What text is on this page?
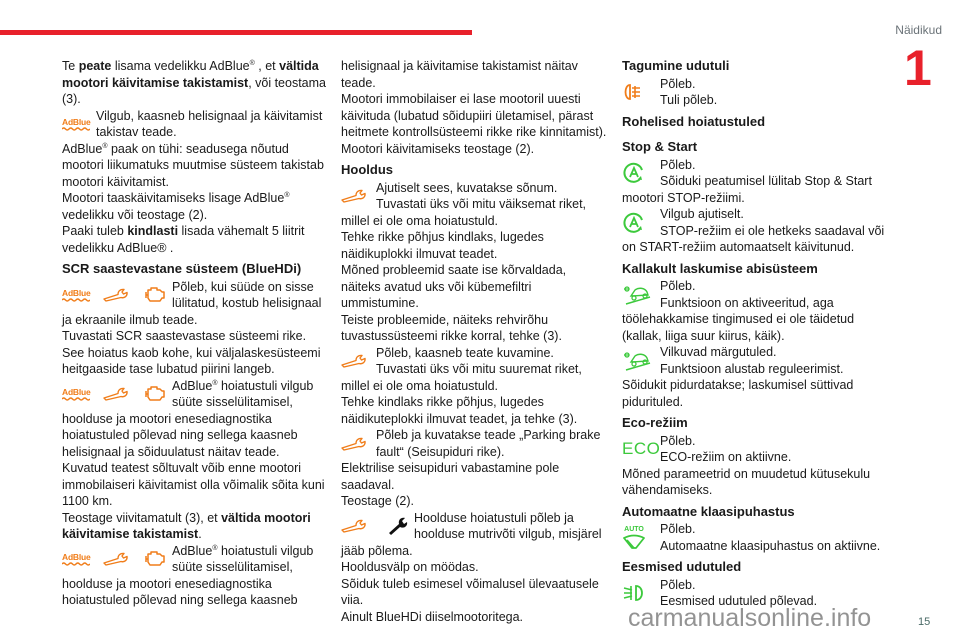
Näidikud
1
Te peate lisama vedelikku AdBlue® , et vältida mootori käivitamise takistamist, või teostama (3).
AdBlue Vilgub, kaasneb helisignaal ja käivitamist takistav teade.
AdBlue® paak on tühi: seadusega nõutud mootori liikumatuks muutmise süsteem takistab mootori käivitamist.
Mootori taaskäivitamiseks lisage AdBlue® vedelikku või teostage (2).
Paaki tuleb kindlasti lisada vähemalt 5 liitrit vedelikku AdBlue® .
SCR saastevastane süsteem (BlueHDi)
AdBlue	Põleb, kui süüde on sisse lülitatud, kostub helisignaal ja ekraanile ilmub teade.
Tuvastati SCR saastevastase süsteemi rike.
See hoiatus kaob kohe, kui väljalaskesüsteemi heitgaaside tase lubatud piirini langeb.
AdBlue	AdBlue® hoiatustuli vilgub süüte sisselülitamisel, hoolduse ja mootori enesediagnostika hoiatustuled põlevad ning sellega kaasneb helisignaal ja sõiduulatust näitav teade.
Kuvatud teatest sõltuvalt võib enne mootori immobilaiseri käivitamist olla võimalik sõita kuni 1100 km.
Teostage viivitamatult (3), et vältida mootori käivitamise takistamist.
AdBlue	AdBlue® hoiatustuli vilgub süüte sisselülitamisel, hoolduse ja mootori enesediagnostika hoiatustuled põlevad ning sellega kaasneb
helisignaal ja käivitamise takistamist näitav teade.
Mootori immobilaiser ei lase mootoril uuesti käivituda (lubatud sõidupiiri ületamisel, pärast heitmete kontrollsüsteemi rikke rike kinnitamist).
Mootori käivitamiseks teostage (2).
Hooldus
Ajutiselt sees, kuvatakse sõnum. Tuvastati üks või mitu väiksemat riket, millel ei ole oma hoiatustuld.
Tehke rikke põhjus kindlaks, lugedes näidikuplokki ilmuvat teadet.
Mõned probleemid saate ise kõrvaldada, näiteks avatud uks või kübemefiltri ummistumine.
Teiste probleemide, näiteks rehvirõhu tuvastussüsteemi rikke korral, tehke (3).
Põleb, kaasneb teate kuvamine. Tuvastati üks või mitu suuremat riket, millel ei ole oma hoiatustuld.
Tehke kindlaks rikke põhjus, lugedes näidikuteplokki ilmuvat teadet, ja tehke (3).
Põleb ja kuvatakse teade „Parking brake fault“ (Seisupiduri rike).
Elektrilise seisupiduri vabastamine pole saadaval.
Teostage (2).
Hoolduse hoiatustuli põleb ja hoolduse mutrivõti vilgub, misjärel jääb põlema.
Hooldusvälp on möödas.
Sõiduk tuleb esimesel võimalusel ülevaatusele viia.
Ainult BlueHDi diiselmootoritega.
Tagumine udutuli
Põleb.
Tuli põleb.
Rohelised hoiatustuled
Stop & Start
Põleb.
Sõiduki peatumisel lülitab Stop & Start mootori STOP-režiimi.
Vilgub ajutiselt.
STOP-režiim ei ole hetkeks saadaval või on START-režiim automaatselt käivitunud.
Kallakult laskumise abisüsteem
Põleb.
Funktsioon on aktiveeritud, aga töölehakkamise tingimused ei ole täidetud (kallak, liiga suur kiirus, käik).
Vilkuvad märgutuled.
Funktsioon alustab reguleerimist.
Sõidukit pidurdatakse; laskumisel süttivad pidurituled.
Eco-režiim
ECO Põleb.
ECO-režiim on aktiivne.
Mõned parameetrid on muudetud kütusekulu vähendamiseks.
Automaatne klaasipuhastus
AUTO	Põleb.
Automaatne klaasipuhastus on aktiivne.
Eesmised udutuled
Põleb.
Eesmised udutuled põlevad.
carmanualsonline.info	15
